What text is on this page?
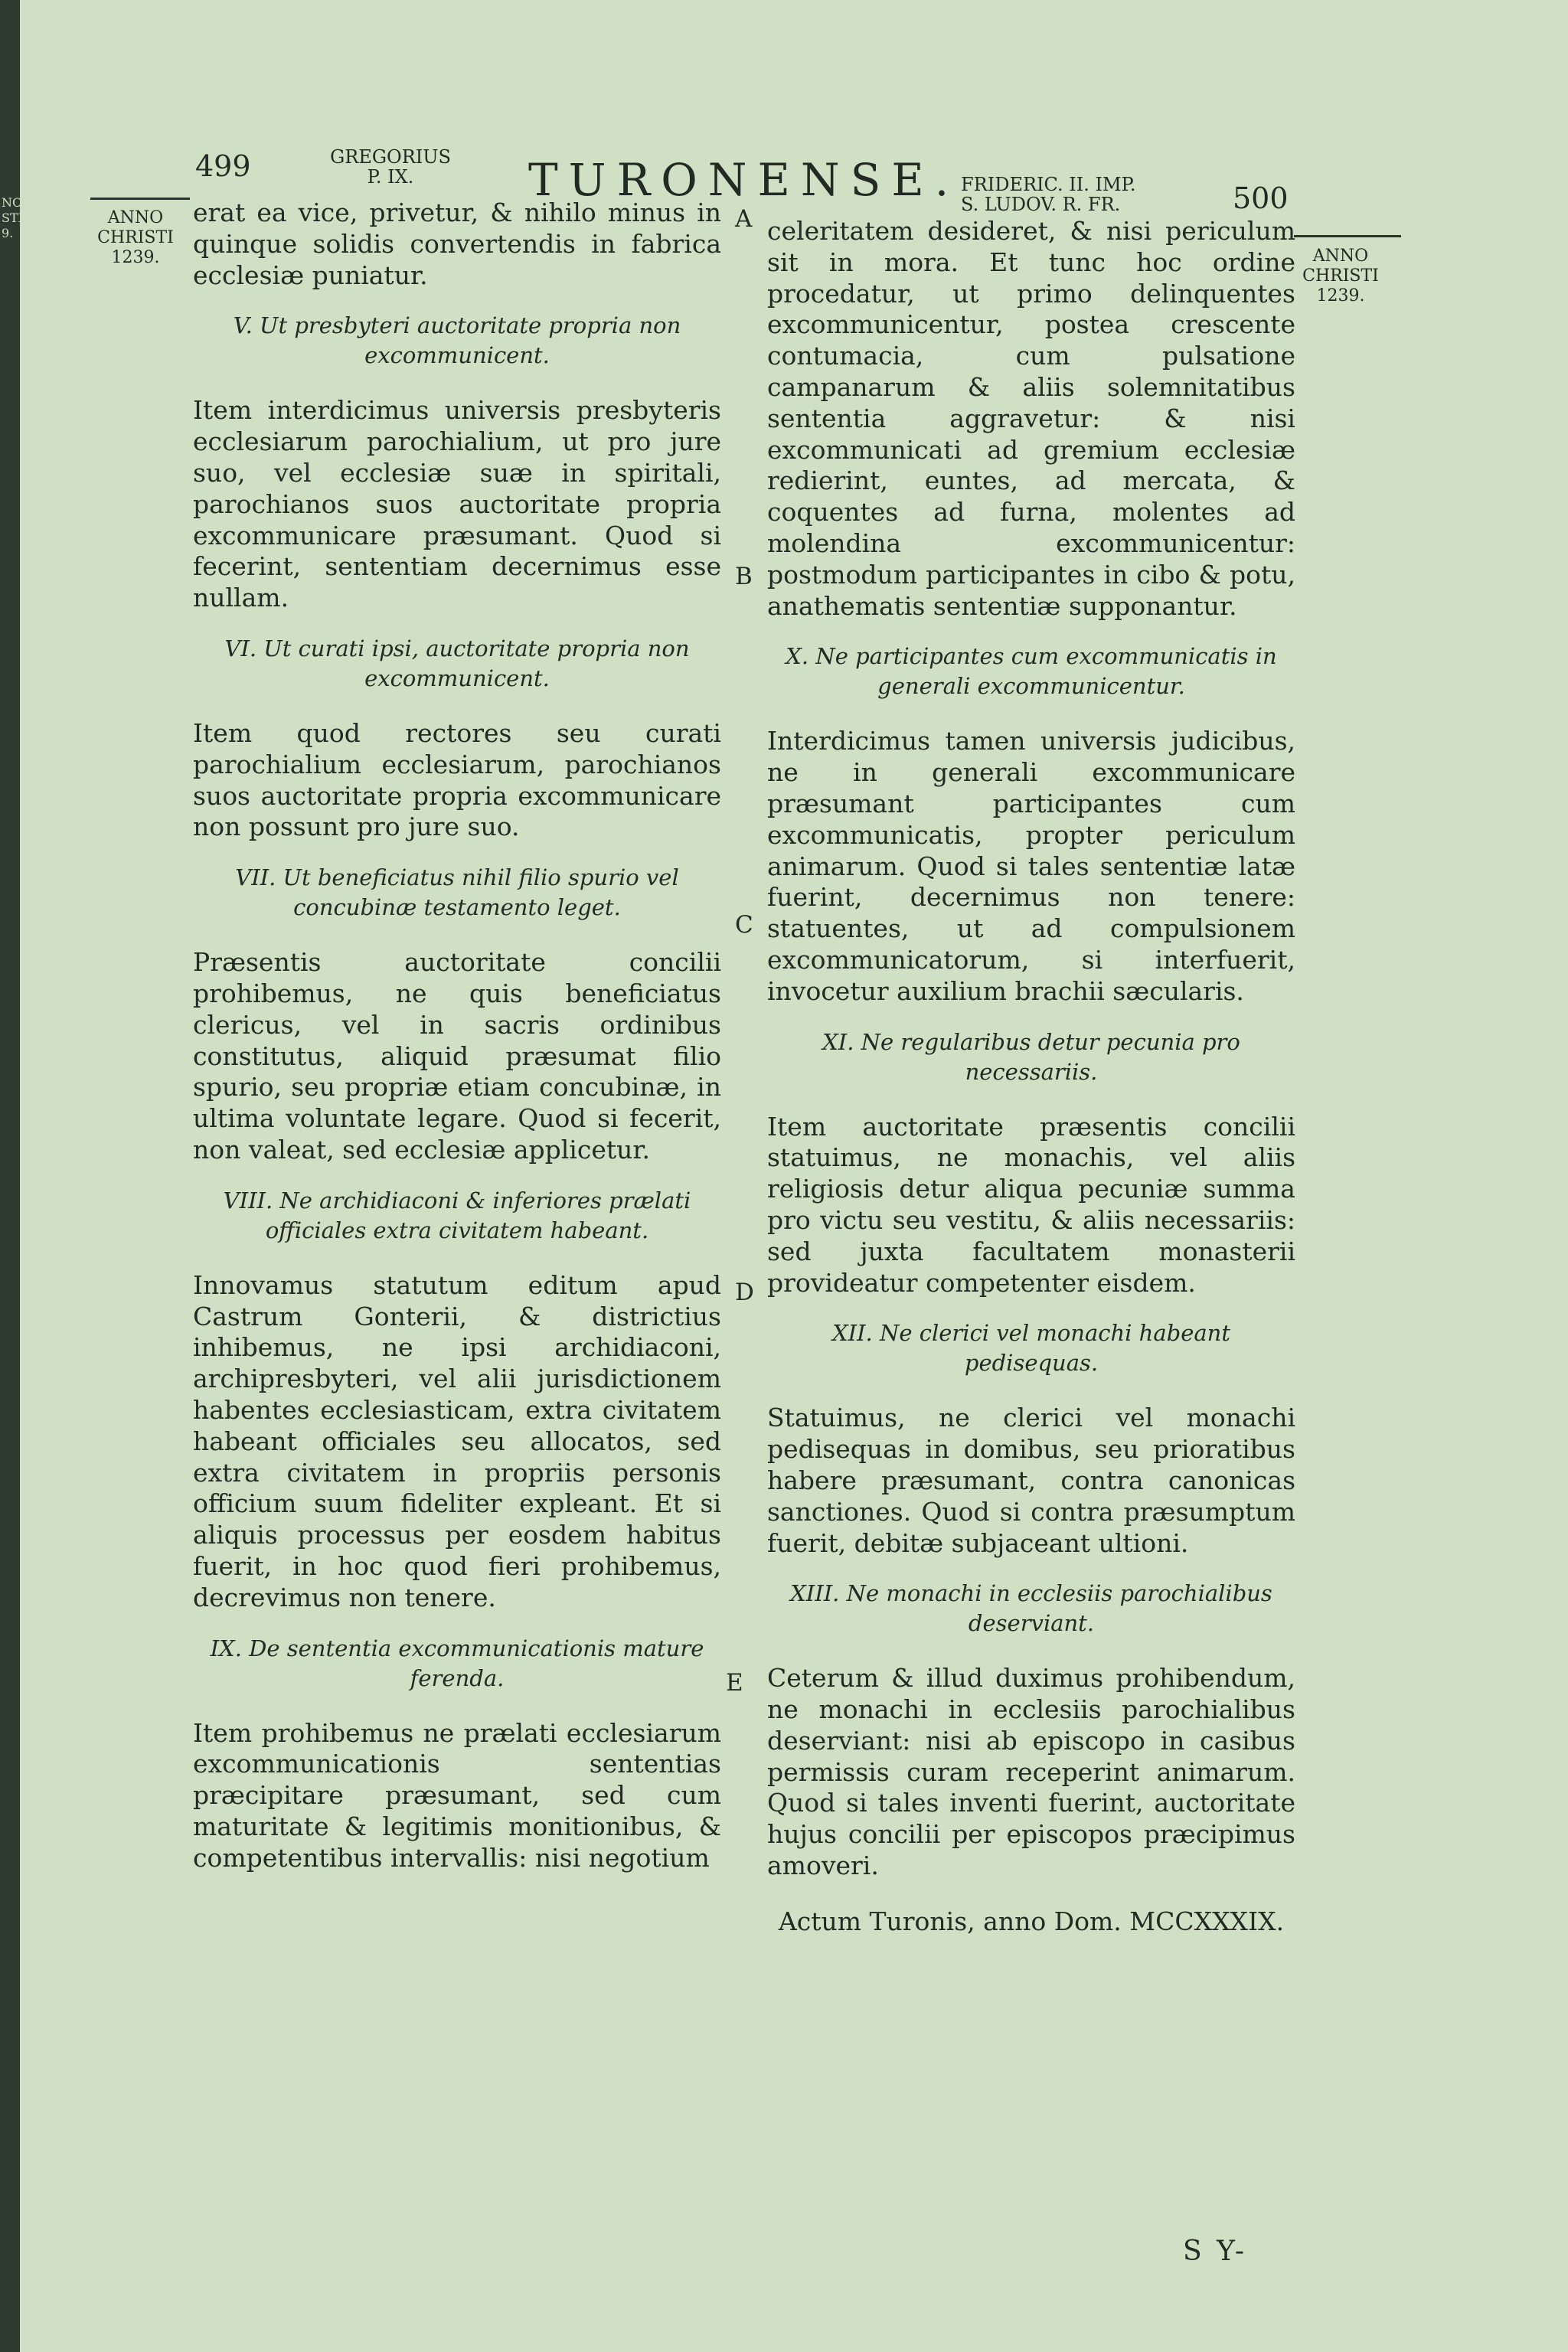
NO STI 9.
499	GREGORIUS
P. IX.	TURONENSE. FRIDERIC. II. IMP.
S. LUDOV. R. FR.	500
ANNO
CHRISTI
1239.	ANNO
CHRISTI
1239.
A
B
C
D
E

erat ea vice, privetur, & nihilo minus in quinque solidis convertendis in fabrica ecclesiæ puniatur.

V. Ut presbyteri auctoritate propria non excommunicent.

Item interdicimus universis presbyteris ecclesiarum parochialium, ut pro jure suo, vel ecclesiæ suæ in spiritali, parochianos suos auctoritate propria excommunicare præsumant. Quod si fecerint, sententiam decernimus esse nullam.

VI. Ut curati ipsi, auctoritate propria non excommunicent.

Item quod rectores seu curati parochialium ecclesiarum, parochianos suos auctoritate propria excommunicare non possunt pro jure suo.

VII. Ut beneficiatus nihil filio spurio vel concubinæ testamento leget.

Præsentis auctoritate concilii prohibemus, ne quis beneficiatus clericus, vel in sacris ordinibus constitutus, aliquid præsumat filio spurio, seu propriæ etiam concubinæ, in ultima voluntate legare. Quod si fecerit, non valeat, sed ecclesiæ applicetur.

VIII. Ne archidiaconi & inferiores prælati officiales extra civitatem habeant.

Innovamus statutum editum apud Castrum Gonterii, & districtius inhibemus, ne ipsi archidiaconi, archipresbyteri, vel alii jurisdictionem habentes ecclesiasticam, extra civitatem habeant officiales seu allocatos, sed extra civitatem in propriis personis officium suum fideliter expleant. Et si aliquis processus per eosdem habitus fuerit, in hoc quod fieri prohibemus, decrevimus non tenere.

IX. De sententia excommunicationis mature ferenda.

Item prohibemus ne prælati ecclesiarum excommunicationis sententias præcipitare præsumant, sed cum maturitate & legitimis monitionibus, & competentibus intervallis: nisi negotium

celeritatem desideret, & nisi periculum sit in mora. Et tunc hoc ordine procedatur, ut primo delinquentes excommunicentur, postea crescente contumacia, cum pulsatione campanarum & aliis solemnitatibus sententia aggravetur: & nisi excommunicati ad gremium ecclesiæ redierint, euntes, ad mercata, & coquentes ad furna, molentes ad molendina excommunicentur: postmodum participantes in cibo & potu, anathematis sententiæ supponantur.

X. Ne participantes cum excommunicatis in generali excommunicentur.

Interdicimus tamen universis judicibus, ne in generali excommunicare præsumant participantes cum excommunicatis, propter periculum animarum. Quod si tales sententiæ latæ fuerint, decernimus non tenere: statuentes, ut ad compulsionem excommunicatorum, si interfuerit, invocetur auxilium brachii sæcularis.

XI. Ne regularibus detur pecunia pro necessariis.

Item auctoritate præsentis concilii statuimus, ne monachis, vel aliis religiosis detur aliqua pecuniæ summa pro victu seu vestitu, & aliis necessariis: sed juxta facultatem monasterii provideatur competenter eisdem.

XII. Ne clerici vel monachi habeant pedisequas.

Statuimus, ne clerici vel monachi pedisequas in domibus, seu prioratibus habere præsumant, contra canonicas sanctiones. Quod si contra præsumptum fuerit, debitæ subjaceant ultioni.

XIII. Ne monachi in ecclesiis parochialibus deserviant.

Ceterum & illud duximus prohibendum, ne monachi in ecclesiis parochialibus deserviant: nisi ab episcopo in casibus permissis curam receperint animarum. Quod si tales inventi fuerint, auctoritate hujus concilii per episcopos præcipimus amoveri.

Actum Turonis, anno Dom. MCCXXXIX.

S Y-
